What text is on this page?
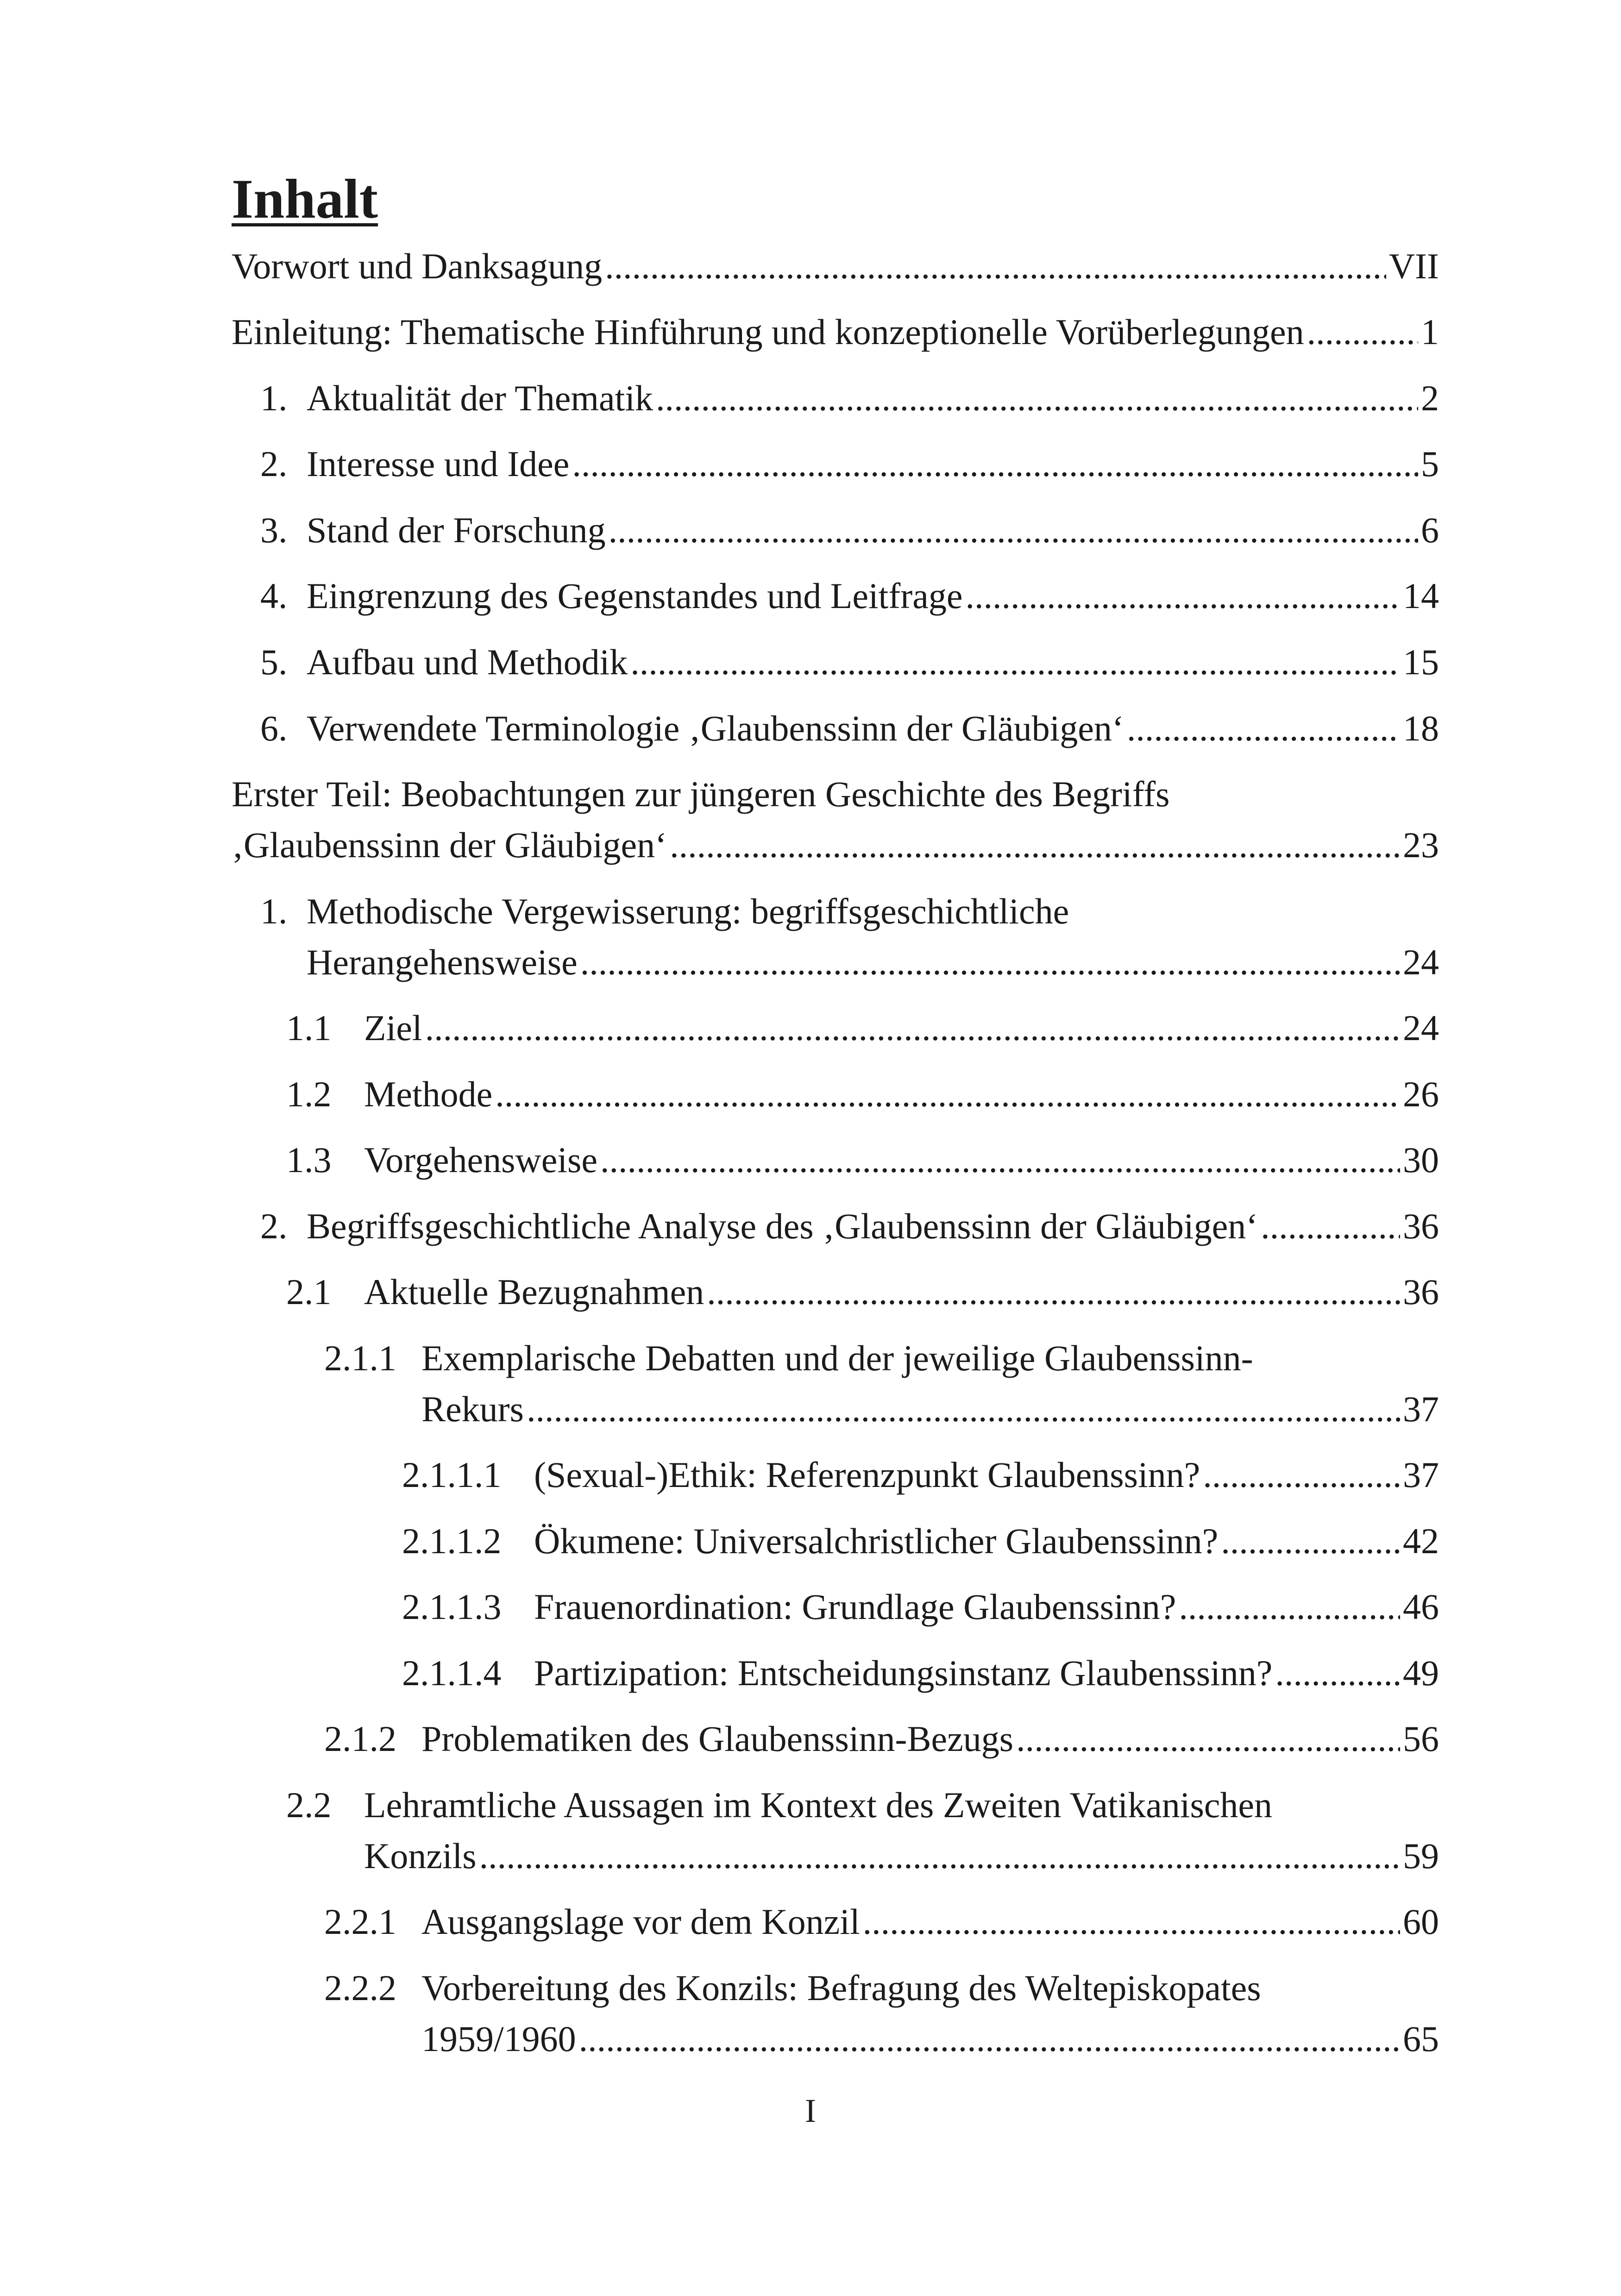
Inhalt
Vorwort und Danksagung .....	VII
Einleitung: Thematische Hinführung und konzeptionelle Vorüberlegungen .....	1
1. Aktualität der Thematik .....	2
2. Interesse und Idee .....	5
3. Stand der Forschung .....	6
4. Eingrenzung des Gegenstandes und Leitfrage .....	14
5. Aufbau und Methodik .....	15
6. Verwendete Terminologie ‚Glaubenssinn der Gläubigen‘ .....	18
Erster Teil: Beobachtungen zur jüngeren Geschichte des Begriffs
‚Glaubenssinn der Gläubigen‘ .....	23
1. Methodische Vergewisserung: begriffsgeschichtliche
Herangehensweise .....	24
1.1 Ziel .....	24
1.2 Methode .....	26
1.3 Vorgehensweise .....	30
2. Begriffsgeschichtliche Analyse des ‚Glaubenssinn der Gläubigen‘ .....	36
2.1 Aktuelle Bezugnahmen .....	36
2.1.1 Exemplarische Debatten und der jeweilige Glaubenssinn-
Rekurs .....	37
2.1.1.1 (Sexual-)Ethik: Referenzpunkt Glaubenssinn? .....	37
2.1.1.2 Ökumene: Universalchristlicher Glaubenssinn? .....	42
2.1.1.3 Frauenordination: Grundlage Glaubenssinn? .....	46
2.1.1.4 Partizipation: Entscheidungsinstanz Glaubenssinn? .....	49
2.1.2 Problematiken des Glaubenssinn-Bezugs .....	56
2.2 Lehramtliche Aussagen im Kontext des Zweiten Vatikanischen
Konzils .....	59
2.2.1 Ausgangslage vor dem Konzil .....	60
2.2.2 Vorbereitung des Konzils: Befragung des Weltepiskopates
1959/1960 .....	65
I
